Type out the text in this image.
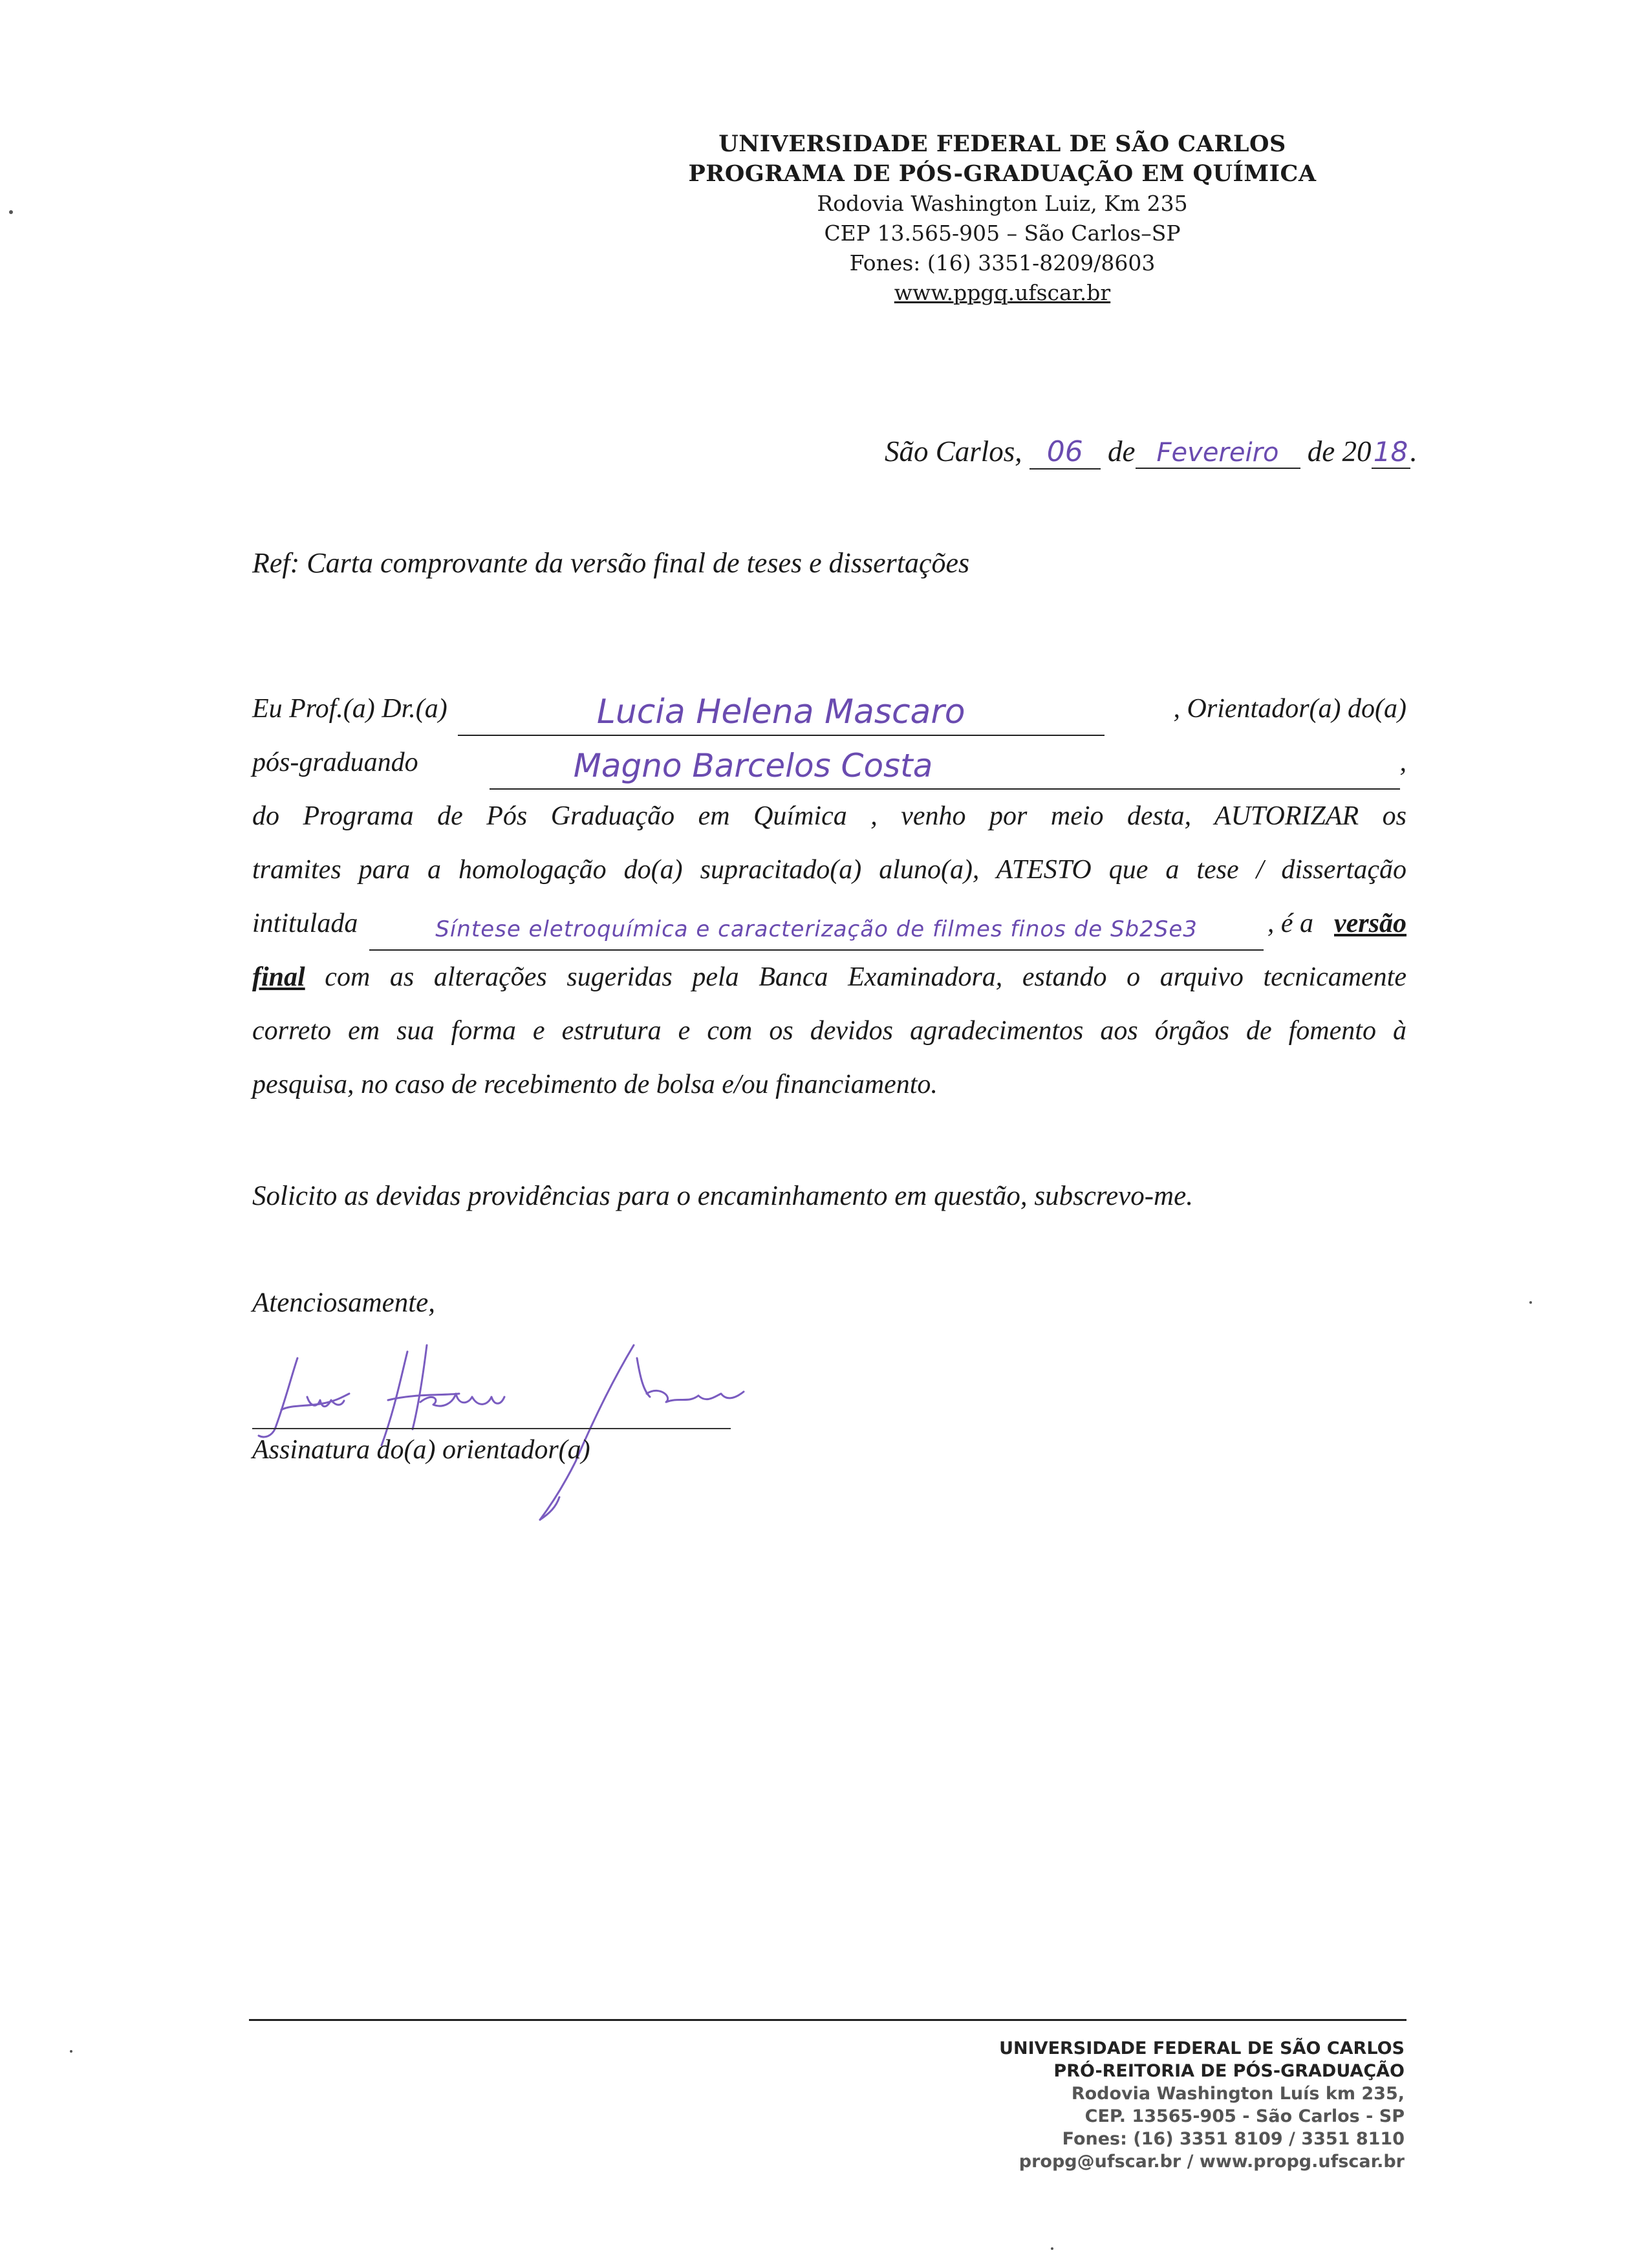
UNIVERSIDADE FEDERAL DE SÃO CARLOS
PROGRAMA DE PÓS-GRADUAÇÃO EM QUÍMICA
Rodovia Washington Luiz, Km 235
CEP 13.565-905 – São Carlos–SP
Fones: (16) 3351-8209/8603
www.ppgq.ufscar.br
São Carlos, 06 de Fevereiro de 2018.
Ref: Carta comprovante da versão final de teses e dissertações
Eu Prof.(a) Dr.(a)	Lucia Helena Mascaro	, Orientador(a) do(a)
pós-graduando	Magno Barcelos Costa	,
do Programa de Pós Graduação em Química , venho por meio desta, AUTORIZAR os
tramites para a homologação do(a) supracitado(a) aluno(a), ATESTO que a tese / dissertação
intitulada	Síntese eletroquímica e caracterização de filmes finos de Sb2Se3	, é a versão
final com as alterações sugeridas pela Banca Examinadora, estando o arquivo tecnicamente
correto em sua forma e estrutura e com os devidos agradecimentos aos órgãos de fomento à
pesquisa, no caso de recebimento de bolsa e/ou financiamento.
Solicito as devidas providências para o encaminhamento em questão, subscrevo-me.
Atenciosamente,
Assinatura do(a) orientador(a)
UNIVERSIDADE FEDERAL DE SÃO CARLOS
PRÓ-REITORIA DE PÓS-GRADUAÇÃO
Rodovia Washington Luís km 235,
CEP. 13565-905 - São Carlos - SP
Fones: (16) 3351 8109 / 3351 8110
propg@ufscar.br / www.propg.ufscar.br
